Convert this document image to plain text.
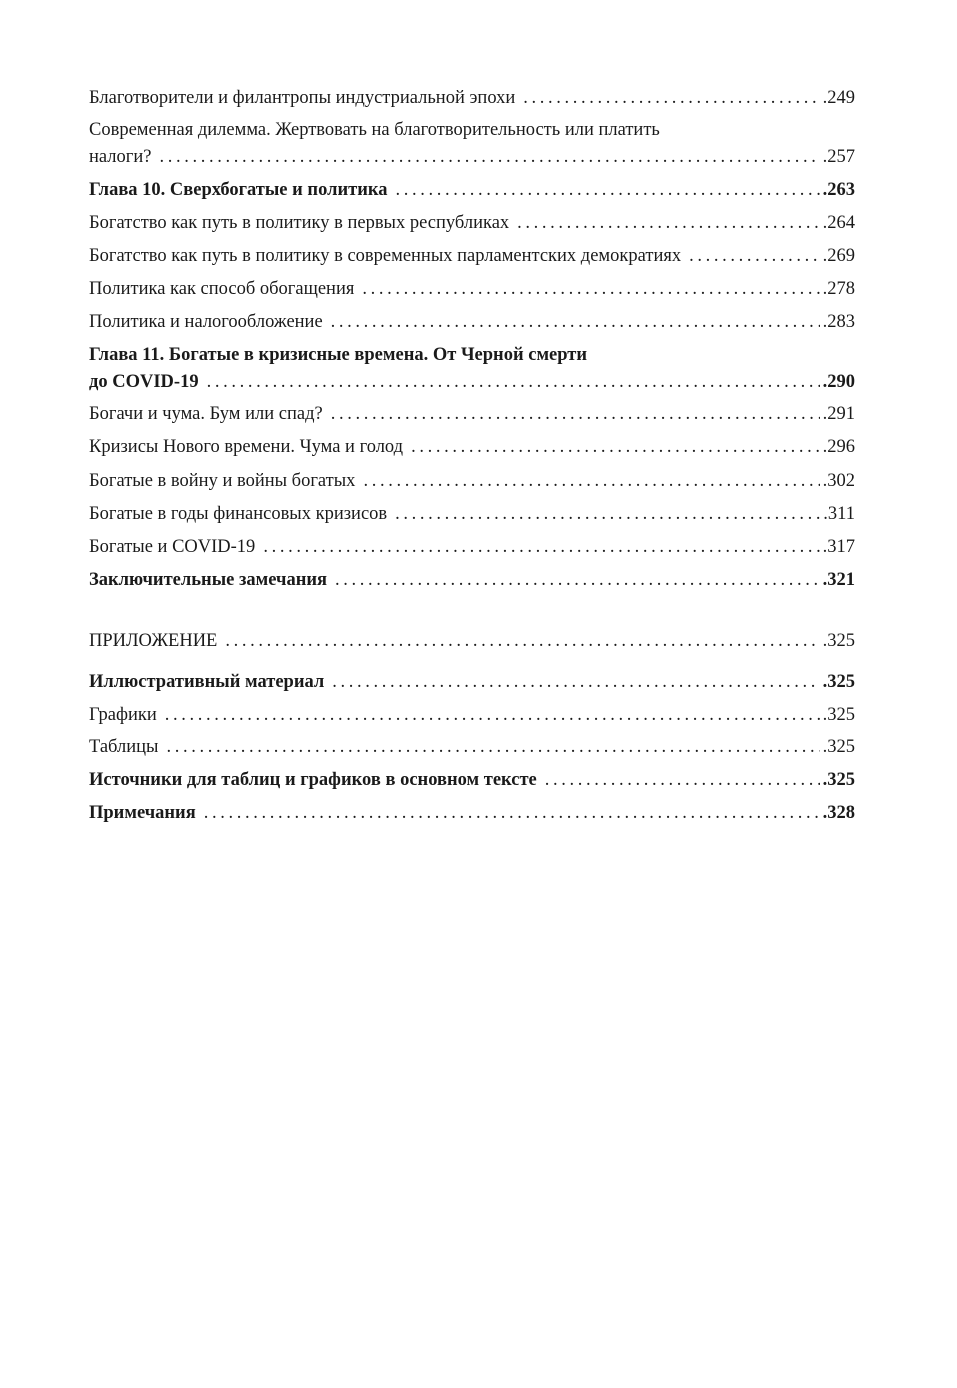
Благотворители и филантропы индустриальной эпохи . . .	.249
Современная дилемма. Жертвовать на благотворительность или платить
налоги? . . .	.257
Глава 10. Сверхбогатые и политика . . .	.263
Богатство как путь в политику в первых республиках . . .	.264
Богатство как путь в политику в современных парламентских демократиях . . .	.269
Политика как способ обогащения . . .	.278
Политика и налогообложение . . .	.283
Глава 11. Богатые в кризисные времена. От Черной смерти
до COVID-19 . . .	.290
Богачи и чума. Бум или спад? . . .	.291
Кризисы Нового времени. Чума и голод . . .	.296
Богатые в войну и войны богатых . . .	.302
Богатые в годы финансовых кризисов . . .	.311
Богатые и COVID-19 . . .	.317
Заключительные замечания . . .	.321
ПРИЛОЖЕНИЕ . . .	.325
Иллюстративный материал . . .	.325
Графики . . .	.325
Таблицы . . .	.325
Источники для таблиц и графиков в основном тексте . . .	.325
Примечания . . .	.328
